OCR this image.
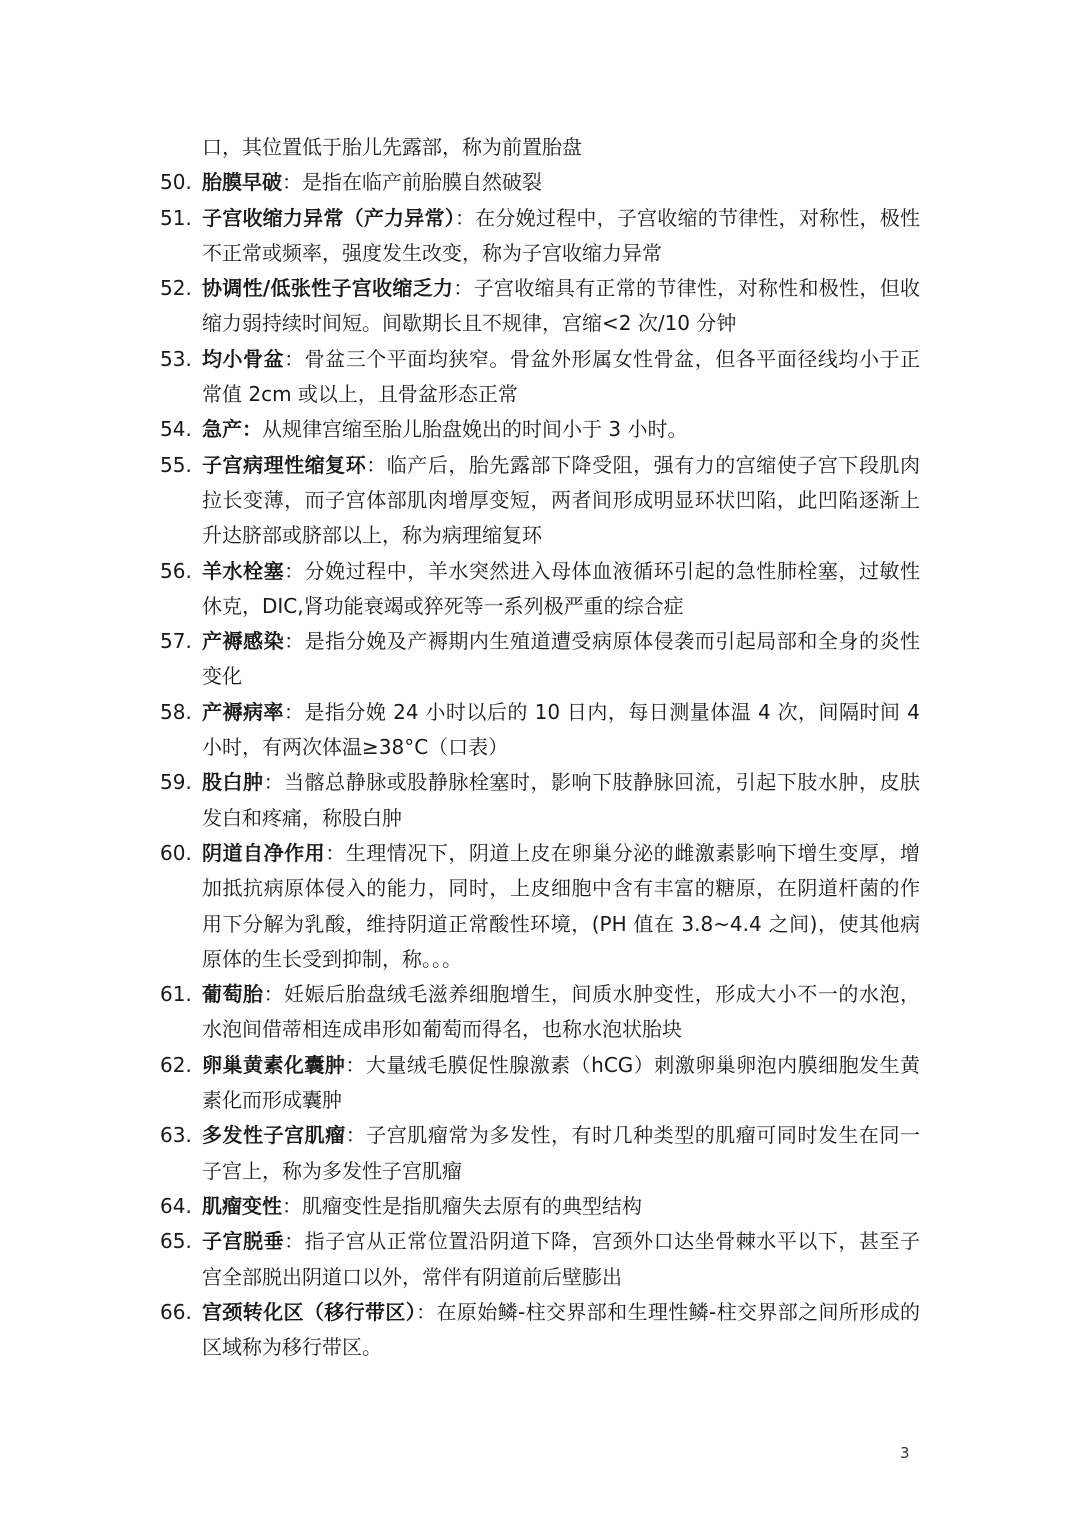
口，其位置低于胎儿先露部，称为前置胎盘
50. 胎膜早破：是指在临产前胎膜自然破裂
51. 子宫收缩力异常（产力异常）：在分娩过程中，子宫收缩的节律性，对称性，极性不正常或频率，强度发生改变，称为子宫收缩力异常
52. 协调性/低张性子宫收缩乏力：子宫收缩具有正常的节律性，对称性和极性，但收缩力弱持续时间短。间歇期长且不规律，宫缩<2 次/10 分钟
53. 均小骨盆：骨盆三个平面均狭窄。骨盆外形属女性骨盆，但各平面径线均小于正常值 2cm 或以上，且骨盆形态正常
54. 急产：从规律宫缩至胎儿胎盘娩出的时间小于 3 小时。
55. 子宫病理性缩复环：临产后，胎先露部下降受阻，强有力的宫缩使子宫下段肌肉拉长变薄，而子宫体部肌肉增厚变短，两者间形成明显环状凹陷，此凹陷逐渐上升达脐部或脐部以上，称为病理缩复环
56. 羊水栓塞：分娩过程中，羊水突然进入母体血液循环引起的急性肺栓塞，过敏性休克，DIC,肾功能衰竭或猝死等一系列极严重的综合症
57. 产褥感染：是指分娩及产褥期内生殖道遭受病原体侵袭而引起局部和全身的炎性变化
58. 产褥病率：是指分娩 24 小时以后的 10 日内，每日测量体温 4 次，间隔时间 4 小时，有两次体温≥38°C（口表）
59. 股白肿：当髂总静脉或股静脉栓塞时，影响下肢静脉回流，引起下肢水肿，皮肤发白和疼痛，称股白肿
60. 阴道自净作用：生理情况下，阴道上皮在卵巢分泌的雌激素影响下增生变厚，增加抵抗病原体侵入的能力，同时，上皮细胞中含有丰富的糖原，在阴道杆菌的作用下分解为乳酸，维持阴道正常酸性环境，(PH 值在 3.8~4.4 之间)，使其他病原体的生长受到抑制，称。。。
61. 葡萄胎：妊娠后胎盘绒毛滋养细胞增生，间质水肿变性，形成大小不一的水泡，水泡间借蒂相连成串形如葡萄而得名，也称水泡状胎块
62. 卵巢黄素化囊肿：大量绒毛膜促性腺激素（hCG）刺激卵巢卵泡内膜细胞发生黄素化而形成囊肿
63. 多发性子宫肌瘤：子宫肌瘤常为多发性，有时几种类型的肌瘤可同时发生在同一子宫上，称为多发性子宫肌瘤
64. 肌瘤变性：肌瘤变性是指肌瘤失去原有的典型结构
65. 子宫脱垂：指子宫从正常位置沿阴道下降，宫颈外口达坐骨棘水平以下，甚至子宫全部脱出阴道口以外，常伴有阴道前后壁膨出
66. 宫颈转化区（移行带区）：在原始鳞-柱交界部和生理性鳞-柱交界部之间所形成的区域称为移行带区。
3
